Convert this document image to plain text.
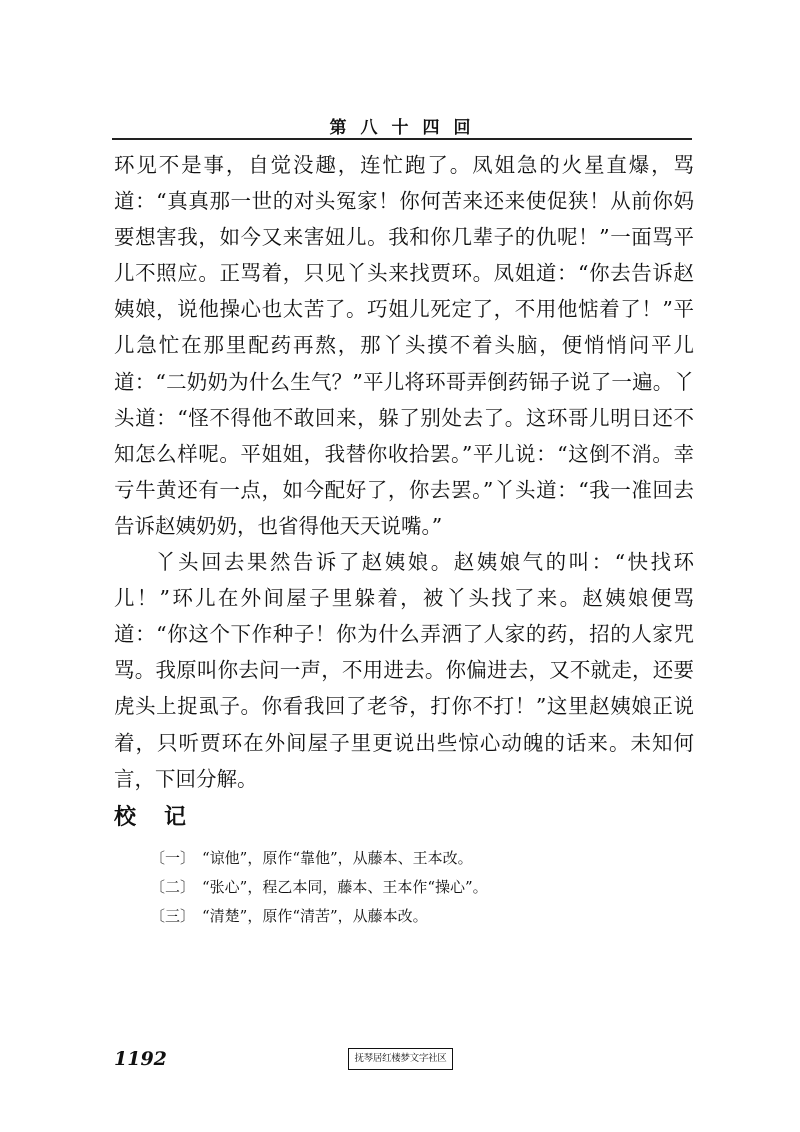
第八十四回

环见不是事，自觉没趣，连忙跑了。凤姐急的火星直爆，骂道：“真真那一世的对头冤家！你何苦来还来使促狭！从前你妈要想害我，如今又来害妞儿。我和你几辈子的仇呢！”一面骂平儿不照应。正骂着，只见丫头来找贾环。凤姐道：“你去告诉赵姨娘，说他操心也太苦了。巧姐儿死定了，不用他惦着了！”平儿急忙在那里配药再熬，那丫头摸不着头脑，便悄悄问平儿道：“二奶奶为什么生气？”平儿将环哥弄倒药铞子说了一遍。丫头道：“怪不得他不敢回来，躲了别处去了。这环哥儿明日还不知怎么样呢。平姐姐，我替你收拾罢。”平儿说：“这倒不消。幸亏牛黄还有一点，如今配好了，你去罢。”丫头道：“我一准回去告诉赵姨奶奶，也省得他天天说嘴。”

丫头回去果然告诉了赵姨娘。赵姨娘气的叫：“快找环儿！”环儿在外间屋子里躲着，被丫头找了来。赵姨娘便骂道：“你这个下作种子！你为什么弄洒了人家的药，招的人家咒骂。我原叫你去问一声，不用进去。你偏进去，又不就走，还要虎头上捉虱子。你看我回了老爷，打你不打！”这里赵姨娘正说着，只听贾环在外间屋子里更说出些惊心动魄的话来。未知何言，下回分解。

校记
〔一〕 “谅他”，原作“靠他”，从藤本、王本改。
〔二〕 “张心”，程乙本同，藤本、王本作“操心”。
〔三〕 “清楚”，原作“清苦”，从藤本改。
1192	抚琴居红楼梦文字社区
